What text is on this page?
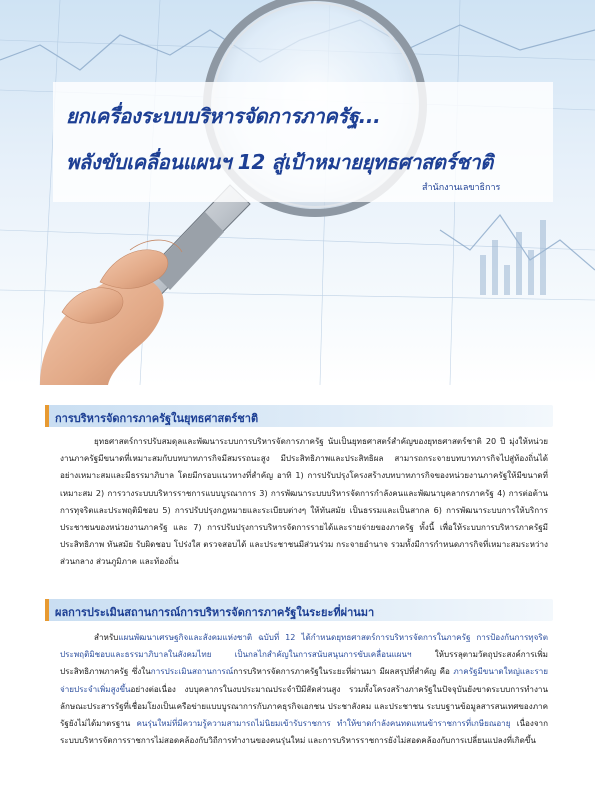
ยกเครื่องระบบบริหารจัดการภาครัฐ...
พลังขับเคลื่อนแผนฯ 12 สู่เป้าหมายยุทธศาสตร์ชาติ
สำนักงานเลขาธิการ
การบริหารจัดการภาครัฐในยุทธศาสตร์ชาติ

ยุทธศาสตร์การปรับสมดุลและพัฒนาระบบการบริหารจัดการภาครัฐ นับเป็นยุทธศาสตร์สำคัญของยุทธศาสตร์ชาติ 20 ปี มุ่งให้หน่วยงานภาครัฐมีขนาดที่เหมาะสมกับบทบาทภารกิจมีสมรรถนะสูง มีประสิทธิภาพและประสิทธิผล สามารถกระจายบทบาทภารกิจไปสู่ท้องถิ่นได้อย่างเหมาะสมและมีธรรมาภิบาล โดยมีกรอบแนวทางที่สำคัญ อาทิ 1) การปรับปรุงโครงสร้างบทบาทภารกิจของหน่วยงานภาครัฐให้มีขนาดที่เหมาะสม 2) การวางระบบบริหารราชการแบบบูรณาการ 3) การพัฒนาระบบบริหารจัดการกำลังคนและพัฒนาบุคลากรภาครัฐ 4) การต่อต้านการทุจริตและประพฤติมิชอบ 5) การปรับปรุงกฎหมายและระเบียบต่างๆ ให้ทันสมัย เป็นธรรมและเป็นสากล 6) การพัฒนาระบบการให้บริการประชาชนของหน่วยงานภาครัฐ และ 7) การปรับปรุงการบริหารจัดการรายได้และรายจ่ายของภาครัฐ ทั้งนี้ เพื่อให้ระบบการบริหารภาครัฐมีประสิทธิภาพ ทันสมัย รับผิดชอบ โปร่งใส ตรวจสอบได้ และประชาชนมีส่วนร่วม กระจายอำนาจ รวมทั้งมีการกำหนดภารกิจที่เหมาะสมระหว่างส่วนกลาง ส่วนภูมิภาค และท้องถิ่น

ผลการประเมินสถานการณ์การบริหารจัดการภาครัฐในระยะที่ผ่านมา

สำหรับแผนพัฒนาเศรษฐกิจและสังคมแห่งชาติ ฉบับที่ 12 ได้กำหนดยุทธศาสตร์การบริหารจัดการในภาครัฐ การป้องกันการทุจริตประพฤติมิชอบและธรรมาภิบาลในสังคมไทย เป็นกลไกสำคัญในการสนับสนุนการขับเคลื่อนแผนฯ ให้บรรลุตามวัตถุประสงค์การเพิ่มประสิทธิภาพภาครัฐ ซึ่งในการประเมินสถานการณ์การบริหารจัดการภาครัฐในระยะที่ผ่านมา มีผลสรุปที่สำคัญ คือ ภาครัฐมีขนาดใหญ่และรายจ่ายประจำเพิ่มสูงขึ้นอย่างต่อเนื่อง งบบุคลากรในงบประมาณประจำปีมีสัดส่วนสูง รวมทั้งโครงสร้างภาครัฐในปัจจุบันยังขาดระบบการทำงานลักษณะประสารรัฐที่เชื่อมโยงเป็นเครือข่ายแบบบูรณาการกับภาคธุรกิจเอกชน ประชาสังคม และประชาชน ระบบฐานข้อมูลสารสนเทศของภาครัฐยังไม่ได้มาตรฐาน คนรุ่นใหม่ที่มีความรู้ความสามารถไม่นิยมเข้ารับราชการ ทำให้ขาดกำลังคนทดแทนข้าราชการที่เกษียณอายุ เนื่องจากระบบบริหารจัดการราชการไม่สอดคล้องกับวิถีการทำงานของคนรุ่นใหม่ และการบริหารราชการยังไม่สอดคล้องกับการเปลี่ยนแปลงที่เกิดขึ้น
